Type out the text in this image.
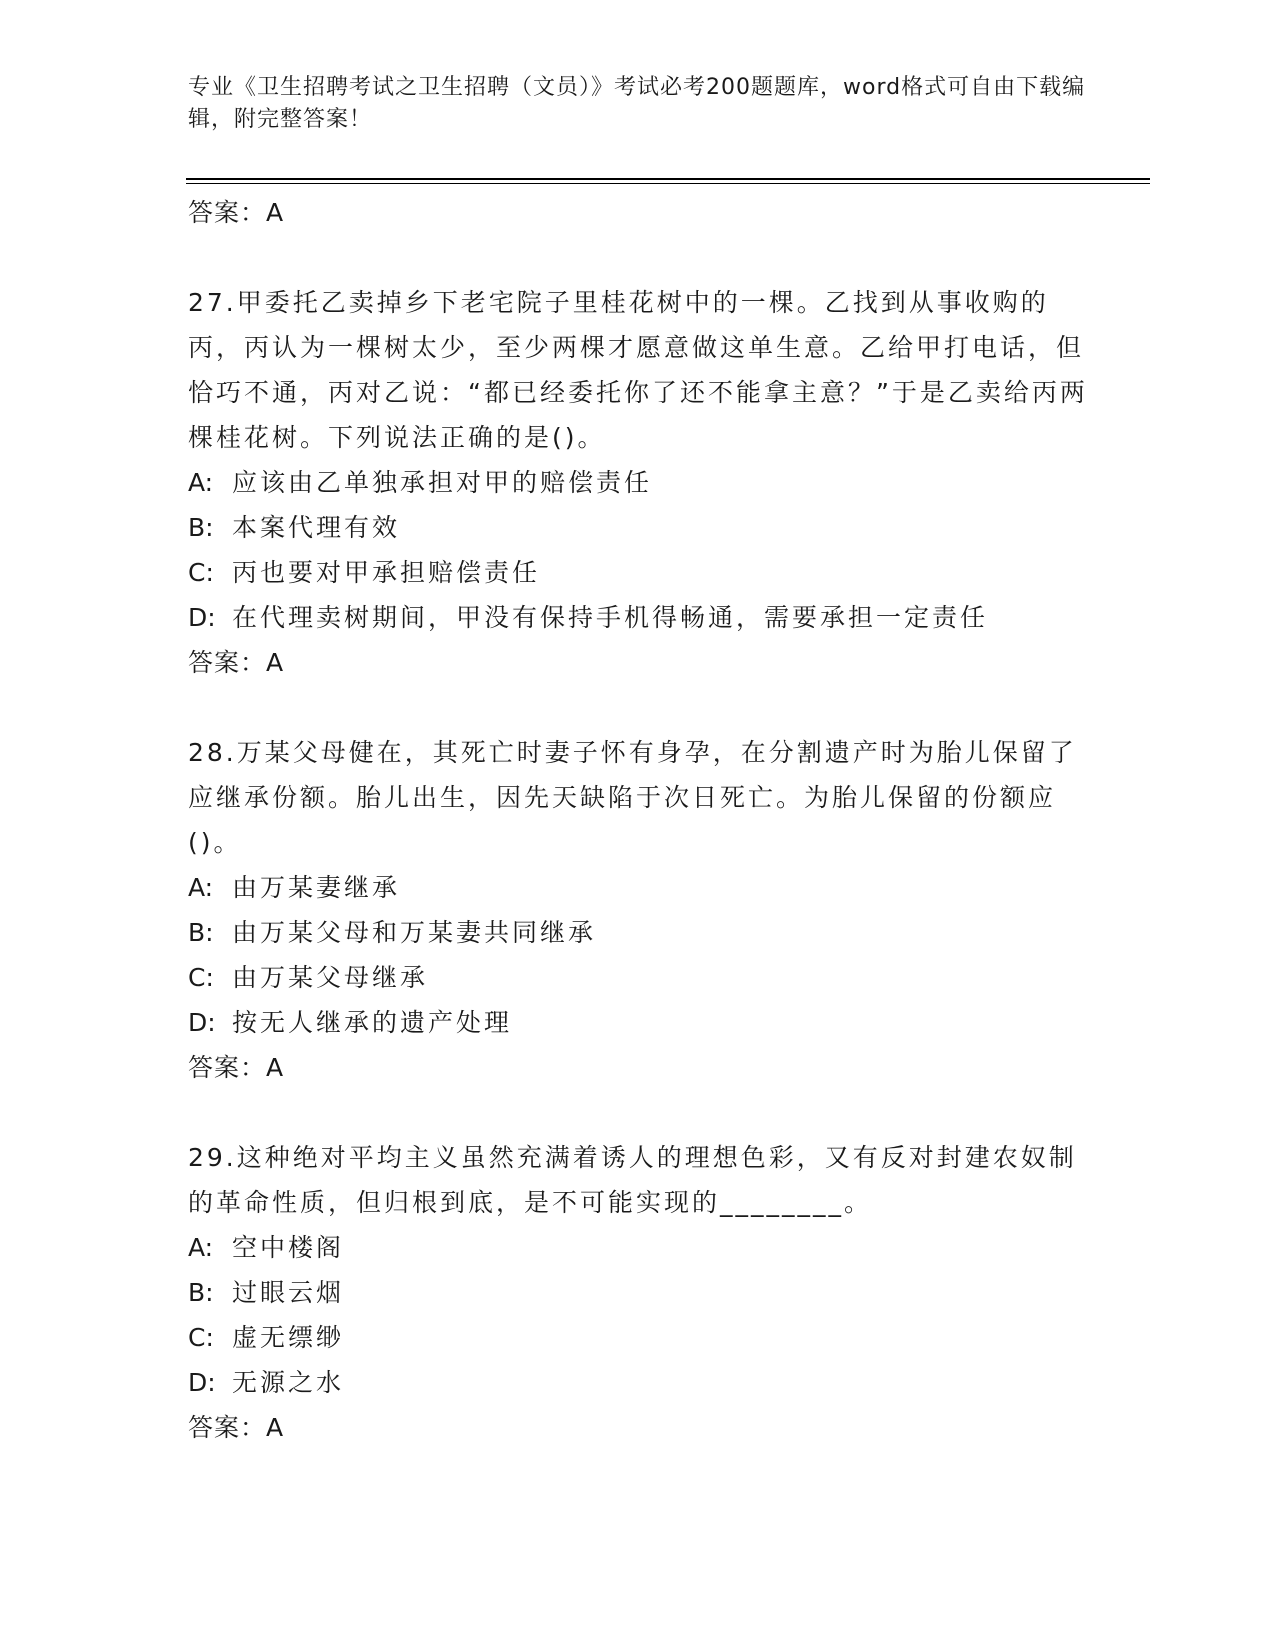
专业《卫生招聘考试之卫生招聘（文员）》考试必考200题题库，word格式可自由下载编辑，附完整答案！
答案：A
27.甲委托乙卖掉乡下老宅院子里桂花树中的一棵。乙找到从事收购的丙，丙认为一棵树太少，至少两棵才愿意做这单生意。乙给甲打电话，但恰巧不通，丙对乙说：“都已经委托你了还不能拿主意？”于是乙卖给丙两棵桂花树。下列说法正确的是()。
A: 应该由乙单独承担对甲的赔偿责任
B: 本案代理有效
C: 丙也要对甲承担赔偿责任
D: 在代理卖树期间，甲没有保持手机得畅通，需要承担一定责任
答案：A
28.万某父母健在，其死亡时妻子怀有身孕，在分割遗产时为胎儿保留了应继承份额。胎儿出生，因先天缺陷于次日死亡。为胎儿保留的份额应()。
A: 由万某妻继承
B: 由万某父母和万某妻共同继承
C: 由万某父母继承
D: 按无人继承的遗产处理
答案：A
29.这种绝对平均主义虽然充满着诱人的理想色彩，又有反对封建农奴制的革命性质，但归根到底，是不可能实现的________。
A: 空中楼阁
B: 过眼云烟
C: 虚无缥缈
D: 无源之水
答案：A
